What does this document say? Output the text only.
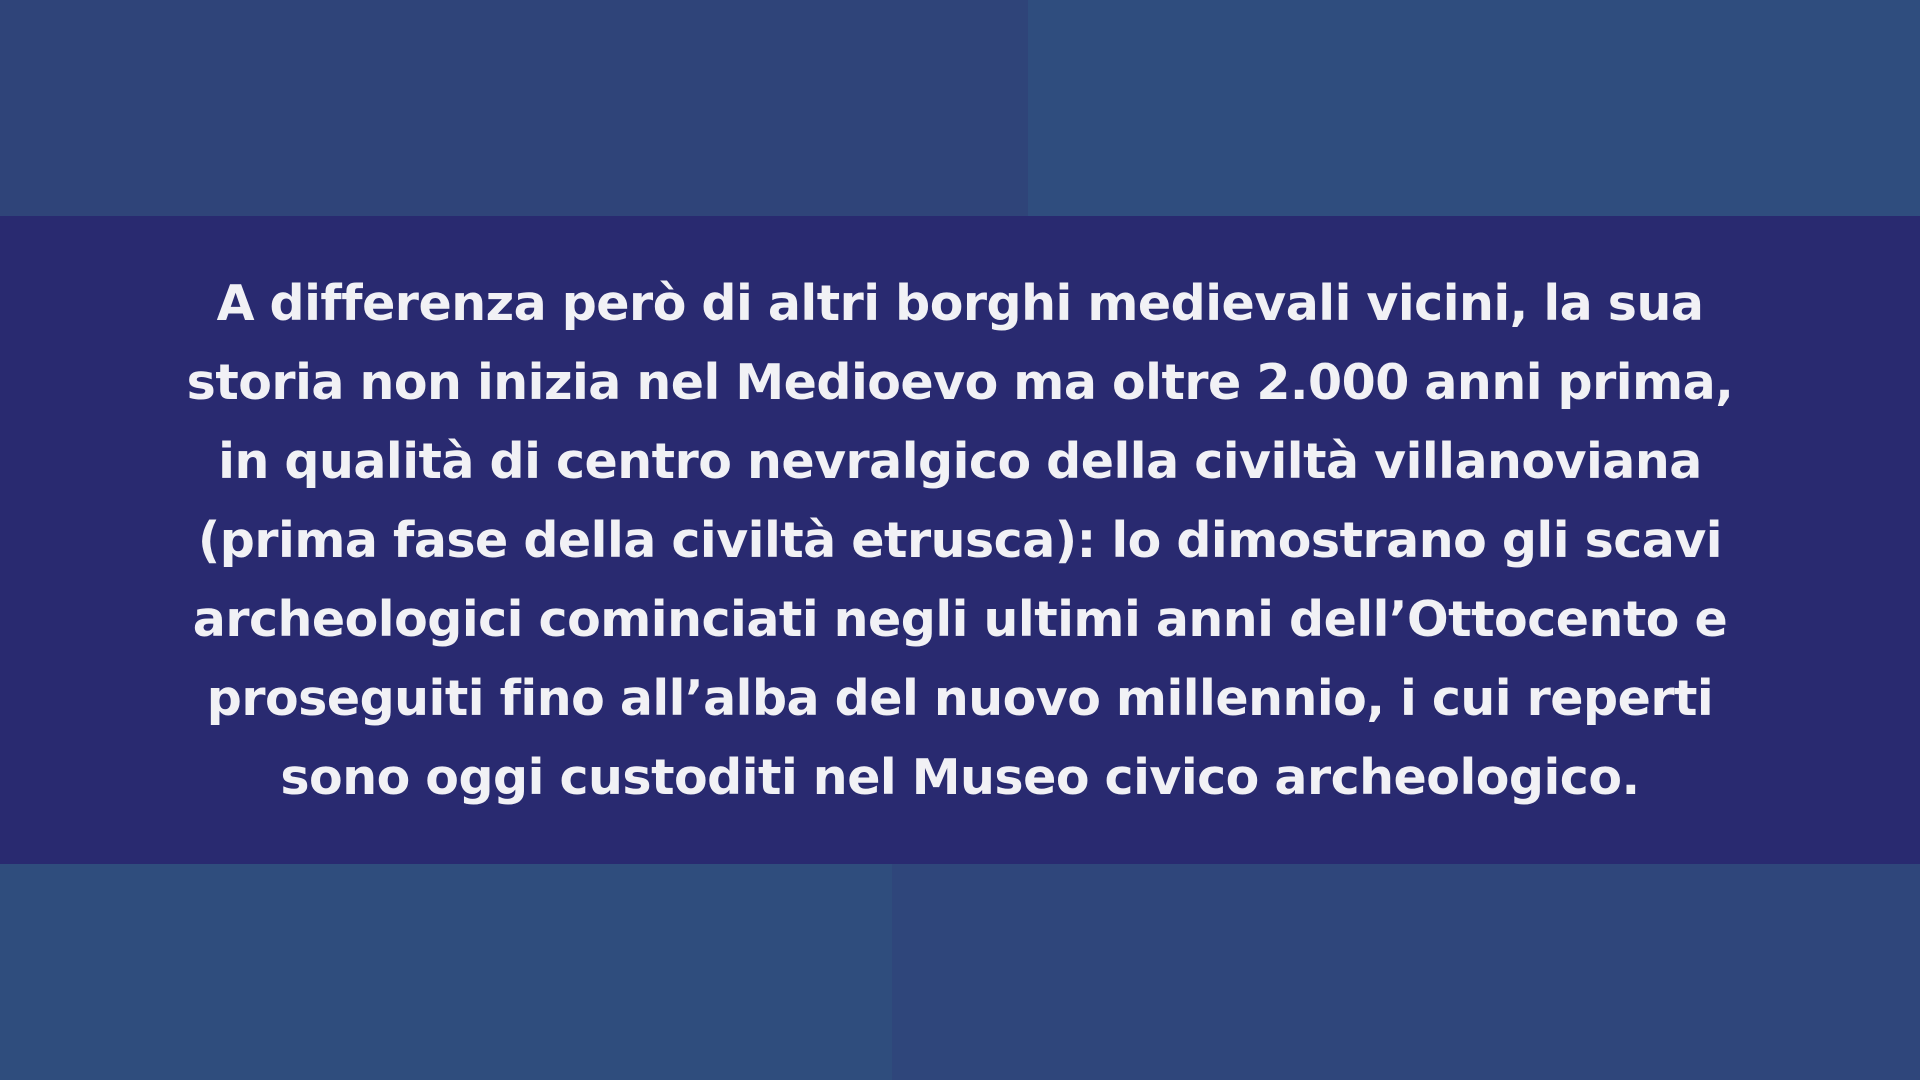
A differenza però di altri borghi medievali vicini, la sua storia non inizia nel Medioevo ma oltre 2.000 anni prima, in qualità di centro nevralgico della civiltà villanoviana (prima fase della civiltà etrusca): lo dimostrano gli scavi archeologici cominciati negli ultimi anni dell’Ottocento e proseguiti fino all’alba del nuovo millennio, i cui reperti sono oggi custoditi nel Museo civico archeologico.
